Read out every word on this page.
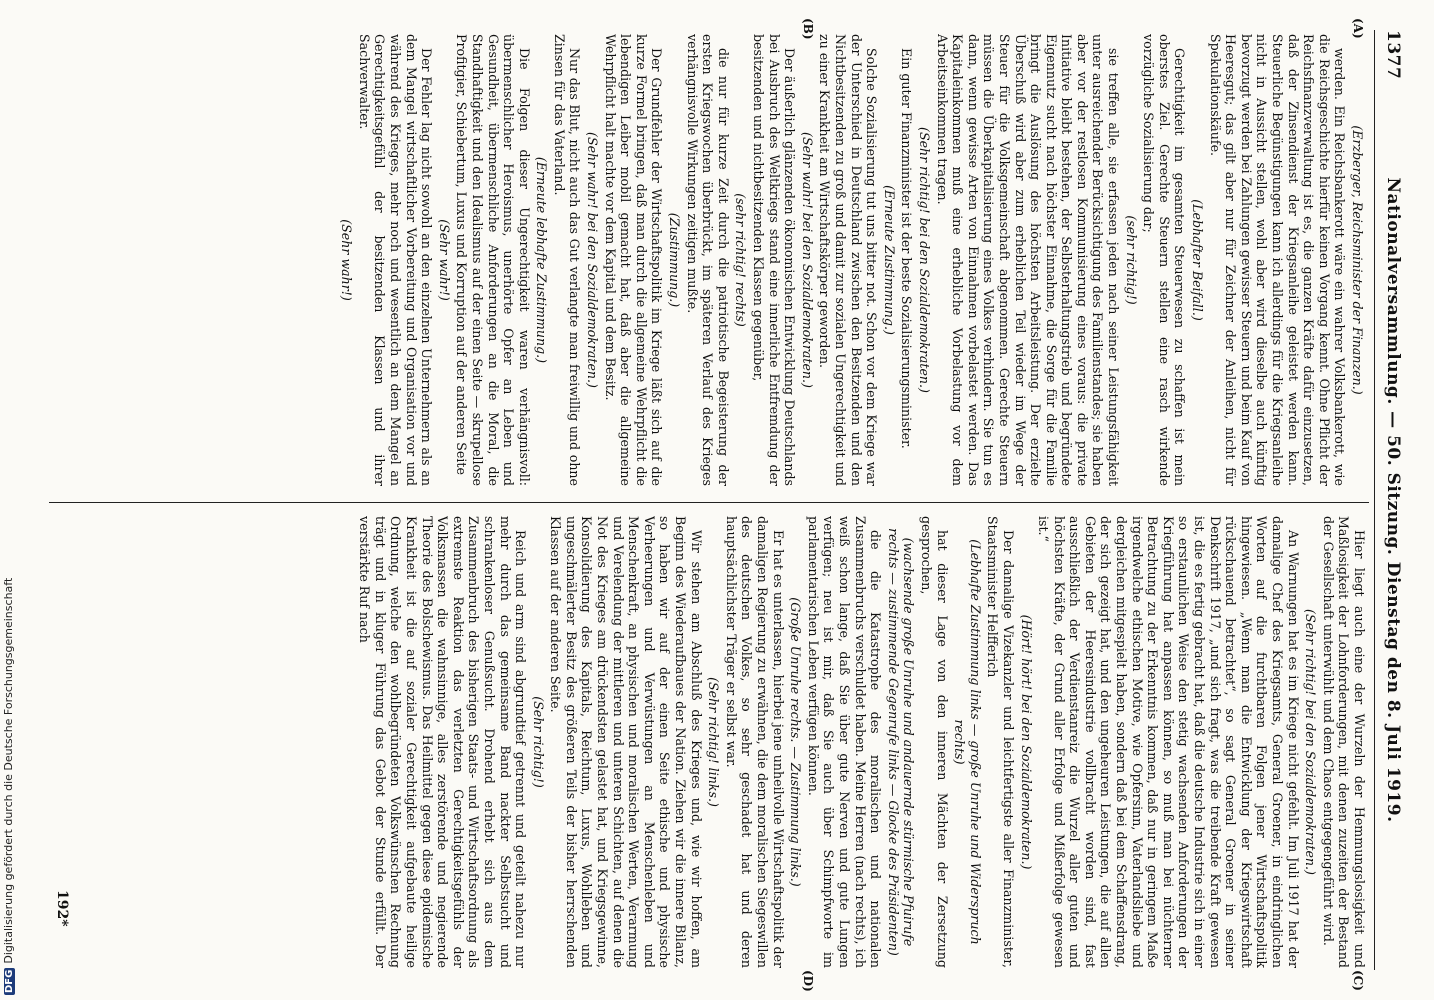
1377
Nationalversammlung. — 50. Sitzung. Dienstag den 8. Juli 1919.
(A)
(B)
(C)
(D)

(Erzberger, Reichsminister der Finanzen.)

werden. Ein Reichsbankerott wäre ein wahrer Volksbankerott, wie die Reichsgeschichte hierfür keinen Vorgang kennt. Ohne Pflicht der Reichsfinanzverwaltung ist es, die ganzen Kräfte dafür einzusetzen, daß der Zinsendienst der Kriegsanleihe geleistet werden kann. Steuerliche Begünstigungen kann ich allerdings für die Kriegsanleihe nicht in Aussicht stellen, wohl aber wird dieselbe auch künftig bevorzugt werden bei Zahlungen gewisser Steuern und beim Kauf von Heeresgut; das gilt aber nur für Zeichner der Anleihen, nicht für Spekulationskäufe.

(Lebhafter Beifall.)

Gerechtigkeit im gesamten Steuerwesen zu schaffen ist mein oberstes Ziel. Gerechte Steuern stellen eine rasch wirkende vorzügliche Sozialisierung dar;

(sehr richtig!)

sie treffen alle, sie erfassen jeden nach seiner Leistungsfähigkeit unter ausreichender Berücksichtigung des Familienstandes; sie haben aber vor der restlosen Kommunisierung eines voraus: die private Initiative bleibt bestehen, der Selbsterhaltungstrieb und begründete Eigennutz sucht nach höchster Einnahme, die Sorge für die Familie bringt die Auslösung des höchsten Arbeitsleistung. Der erzielte Überschuß wird aber zum erheblichen Teil wieder im Wege der Steuer für die Volksgemeinschaft abgenommen. Gerechte Steuern müssen die Überkapitalisierung eines Volkes verhindern. Sie tun es dann, wenn gewisse Arten von Einnahmen vorbelastet werden. Das Kapitaleinkommen muß eine erhebliche Vorbelastung vor dem Arbeitseinkommen tragen.

(Sehr richtig! bei den Sozialdemokraten.)

Ein guter Finanzminister ist der beste Sozialisierungsminister.

(Erneute Zustimmung.)

Solche Sozialisierung tut uns bitter not. Schon vor dem Kriege war der Unterschied in Deutschland zwischen den Besitzenden und den Nichtbesitzenden zu groß und damit zur sozialen Ungerechtigkeit und zu einer Krankheit am Wirtschaftskörper geworden.

(Sehr wahr! bei den Sozialdemokraten.)

Der äußerlich glänzenden ökonomischen Entwicklung Deutschlands bei Ausbruch des Weltkriegs stand eine innerliche Entfremdung der besitzenden und nichtbesitzenden Klassen gegenüber,

(sehr richtig! rechts)

die nur für kurze Zeit durch die patriotische Begeisterung der ersten Kriegswochen überbrückt, im späteren Verlauf des Krieges verhängnisvolle Wirkungen zeitigen mußte.

(Zustimmung.)

Der Grundfehler der Wirtschaftspolitik im Kriege läßt sich auf die kurze Formel bringen, daß man durch die allgemeine Wehrpflicht die lebendigen Leiber mobil gemacht hat, daß aber die allgemeine Wehrpflicht halt machte vor dem Kapital und dem Besitz.

(Sehr wahr! bei den Sozialdemokraten.)

Nur das Blut, nicht auch das Gut verlangte man freiwillig und ohne Zinsen für das Vaterland.

(Erneute lebhafte Zustimmung.)

Die Folgen dieser Ungerechtigkeit waren verhängnisvoll: übermenschlicher Heroismus, unerhörte Opfer an Leben und Gesundheit, übermenschliche Anforderungen an die Moral, die Standhaftigkeit und den Idealismus auf der einen Seite — skrupellose Profitgier, Schiebertum, Luxus und Korruption auf der anderen Seite

(Sehr wahr!)

Der Fehler lag nicht sowohl an den einzelnen Unternehmern als an dem Mangel wirtschaftlicher Vorbereitung und Organisation vor und während des Krieges, mehr noch und wesentlich an dem Mangel an Gerechtigkeitsgefühl der besitzenden Klassen und ihrer Sachverwalter.

(Sehr wahr!)

Hier liegt auch eine der Wurzeln der Hemmungslosigkeit und Maßlosigkeit der Lohnforderungen, mit denen zuzeiten der Bestand der Gesellschaft unterwühlt und dem Chaos entgegengeführt wird.

(Sehr richtig! bei den Sozialdemokraten.)

An Warnungen hat es im Kriege nicht gefehlt. Im Juli 1917 hat der damalige Chef des Kriegsamts, General Groener, in eindringlichen Worten auf die furchtbaren Folgen jener Wirtschaftspolitik hingewiesen. „Wenn man die Entwicklung der Kriegswirtschaft rückschauend betrachtet“, so sagt General Groener in seiner Denkschrift 1917, „und sich fragt, was die treibende Kraft gewesen ist, die es fertig gebracht hat, daß die deutsche Industrie sich in einer so erstaunlichen Weise den stetig wachsenden Anforderungen der Kriegführung hat anpassen können, so muß man bei nüchterner Betrachtung zu der Erkenntnis kommen, daß nur in geringem Maße irgendwelche ethischen Motive, wie Opfersinn, Vaterlandsliebe und dergleichen mitgespielt haben, sondern daß bei dem Schaffensdrang, der sich gezeigt hat, und den ungeheuren Leistungen, die auf allen Gebieten der Heeresindustrie vollbracht worden sind, fast ausschließlich der Verdienstanreiz die Wurzel aller guten und höchsten Kräfte, der Grund aller Erfolge und Mißerfolge gewesen ist.“

(Hört! hört! bei den Sozialdemokraten.)

Der damalige Vizekanzler und leichtfertigste aller Finanzminister, Staatsminister Helfferich

(Lebhafte Zustimmung links — große Unruhe und Widerspruch rechts)

hat dieser Lage von den inneren Mächten der Zersetzung gesprochen,

(wachsende große Unruhe und andauernde stürmische Pfuirufe rechts — zustimmende Gegenrufe links — Glocke des Präsidenten)

die die Katastrophe des moralischen und nationalen Zusammenbruchs verschuldet haben. Meine Herren (nach rechts), ich weiß schon lange, daß Sie über gute Nerven und gute Lungen verfügen; neu ist mir, daß Sie auch über Schimpfworte im parlamentarischen Leben verfügen können.

(Große Unruhe rechts. — Zustimmung links.)

Er hat es unterlassen, hierbei jene unheilvolle Wirtschaftspolitik der damaligen Regierung zu erwähnen, die dem moralischen Siegeswillen des deutschen Volkes, so sehr geschadet hat und deren hauptsächlichster Träger er selbst war.

(Sehr richtig! links.)

Wir stehen am Abschluß des Krieges und, wie wir hoffen, am Beginn des Wiederaufbaues der Nation. Ziehen wir die innere Bilanz, so haben wir auf der einen Seite ethische und physische Verheerungen und Verwüstungen an Menschenleben und Menschenkraft, an physischen und moralischen Werten, Verarmung und Verelendung der mittleren und unteren Schichten, auf denen die Not des Krieges am drückendsten gelastet hat, und Kriegsgewinne, Konsolidierung des Kapitals, Reichtum, Luxus, Wohlleben und ungeschmälerter Besitz des größeren Teils der bisher herrschenden Klassen auf der anderen Seite.

(Sehr richtig!)

Reich und arm sind abgrundtief getrennt und geteilt nahezu nur mehr durch das gemeinsame Band nackter Selbstsucht und schrankenloser Genußsucht. Drohend erhebt sich aus dem Zusammenbruch des bisherigen Staats- und Wirtschaftsordnung als extremste Reaktion das verletzten Gerechtigkeitsgefühls der Volksmassen die wahnsinnige, alles zerstörende und negierende Theorie des Bolschewismus. Das Heilmittel gegen diese epidemische Krankheit ist die auf sozialer Gerechtigkeit aufgebaute heilige Ordnung, welche den wohlbegründeten Volkswünschen Rechnung trägt und in kluger Führung das Gebot der Stunde erfüllt. Der verstärkte Ruf nach

192*
DFGDigitalisierung gefördert durch die Deutsche Forschungsgemeinschaft
